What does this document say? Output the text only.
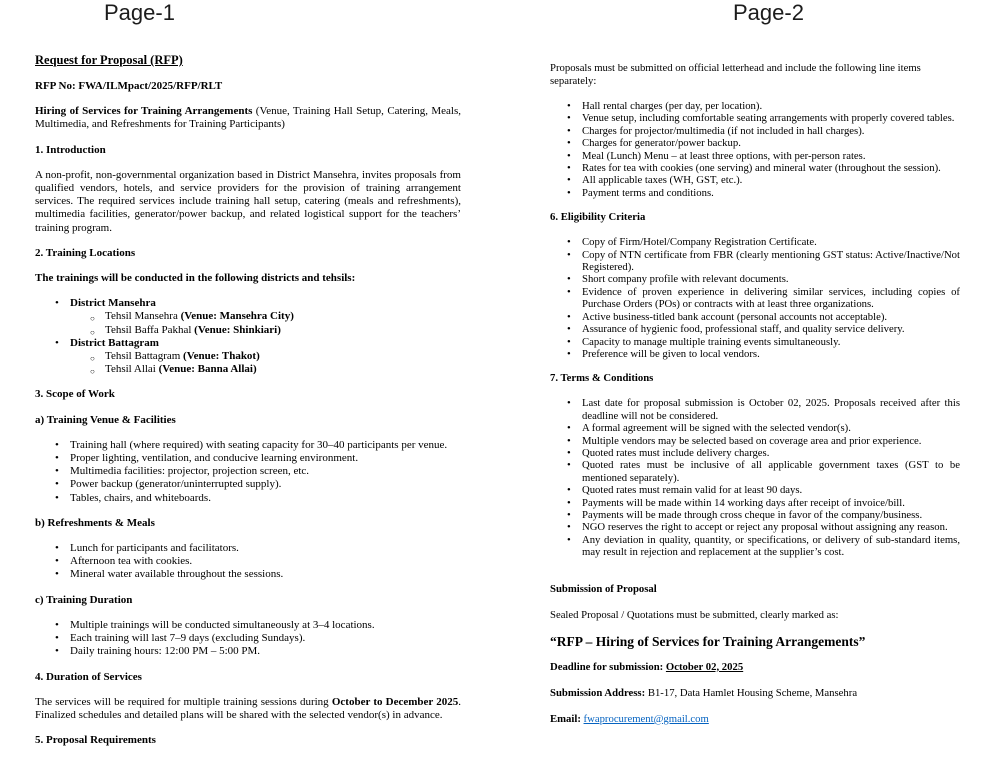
Page-1
Request for Proposal (RFP)

RFP No: FWA/ILMpact/2025/RFP/RLT

Hiring of Services for Training Arrangements (Venue, Training Hall Setup, Catering, Meals, Multimedia, and Refreshments for Training Participants)

1. Introduction

A non-profit, non-governmental organization based in District Mansehra, invites proposals from qualified vendors, hotels, and service providers for the provision of training arrangement services. The required services include training hall setup, catering (meals and refreshments), multimedia facilities, generator/power backup, and related logistical support for the teachers’ training program.

2. Training Locations

The trainings will be conducted in the following districts and tehsils:

• District Mansehra
○ Tehsil Mansehra (Venue: Mansehra City)
○ Tehsil Baffa Pakhal (Venue: Shinkiari)
• District Battagram
○ Tehsil Battagram (Venue: Thakot)
○ Tehsil Allai (Venue: Banna Allai)

3. Scope of Work

a) Training Venue & Facilities

• Training hall (where required) with seating capacity for 30–40 participants per venue.
• Proper lighting, ventilation, and conducive learning environment.
• Multimedia facilities: projector, projection screen, etc.
• Power backup (generator/uninterrupted supply).
• Tables, chairs, and whiteboards.

b) Refreshments & Meals

• Lunch for participants and facilitators.
• Afternoon tea with cookies.
• Mineral water available throughout the sessions.

c) Training Duration

• Multiple trainings will be conducted simultaneously at 3–4 locations.
• Each training will last 7–9 days (excluding Sundays).
• Daily training hours: 12:00 PM – 5:00 PM.

4. Duration of Services

The services will be required for multiple training sessions during October to December 2025. Finalized schedules and detailed plans will be shared with the selected vendor(s) in advance.

5. Proposal Requirements

Page-2

Proposals must be submitted on official letterhead and include the following line items separately:

• Hall rental charges (per day, per location).
• Venue setup, including comfortable seating arrangements with properly covered tables.
• Charges for projector/multimedia (if not included in hall charges).
• Charges for generator/power backup.
• Meal (Lunch) Menu – at least three options, with per-person rates.
• Rates for tea with cookies (one serving) and mineral water (throughout the session).
• All applicable taxes (WH, GST, etc.).
• Payment terms and conditions.

6. Eligibility Criteria

• Copy of Firm/Hotel/Company Registration Certificate.
• Copy of NTN certificate from FBR (clearly mentioning GST status: Active/Inactive/Not Registered).
• Short company profile with relevant documents.
• Evidence of proven experience in delivering similar services, including copies of Purchase Orders (POs) or contracts with at least three organizations.
• Active business-titled bank account (personal accounts not acceptable).
• Assurance of hygienic food, professional staff, and quality service delivery.
• Capacity to manage multiple training events simultaneously.
• Preference will be given to local vendors.

7. Terms & Conditions

• Last date for proposal submission is October 02, 2025. Proposals received after this deadline will not be considered.
• A formal agreement will be signed with the selected vendor(s).
• Multiple vendors may be selected based on coverage area and prior experience.
• Quoted rates must include delivery charges.
• Quoted rates must be inclusive of all applicable government taxes (GST to be mentioned separately).
• Quoted rates must remain valid for at least 90 days.
• Payments will be made within 14 working days after receipt of invoice/bill.
• Payments will be made through cross cheque in favor of the company/business.
• NGO reserves the right to accept or reject any proposal without assigning any reason.
• Any deviation in quality, quantity, or specifications, or delivery of sub-standard items, may result in rejection and replacement at the supplier’s cost.

Submission of Proposal

Sealed Proposal / Quotations must be submitted, clearly marked as:

“RFP – Hiring of Services for Training Arrangements”

Deadline for submission: October 02, 2025

Submission Address: B1-17, Data Hamlet Housing Scheme, Mansehra

Email: fwaprocurement@gmail.com
